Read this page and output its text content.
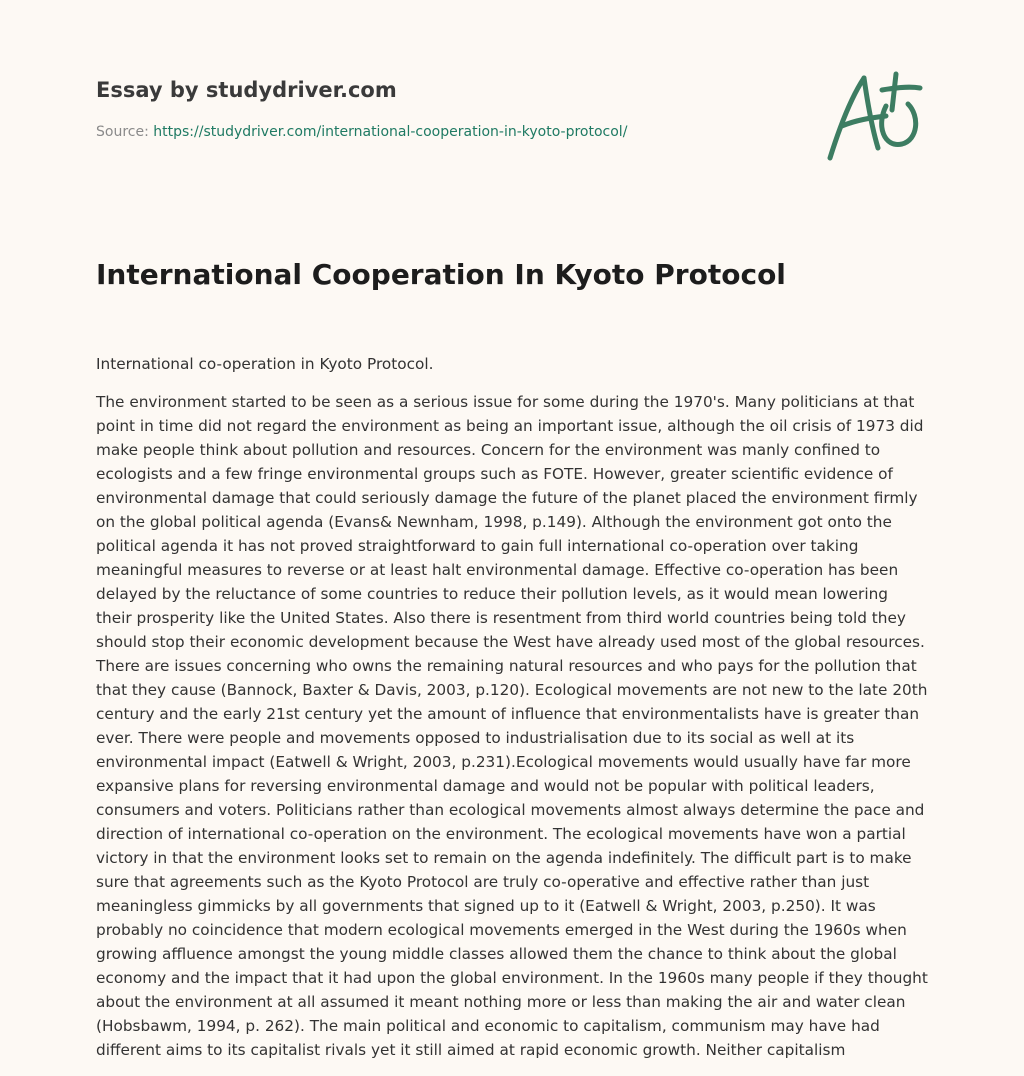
Essay by studydriver.com

Source: https://studydriver.com/international-cooperation-in-kyoto-protocol/
International Cooperation In Kyoto Protocol

International co-operation in Kyoto Protocol.

The environment started to be seen as a serious issue for some during the 1970's. Many politicians at that point in time did not regard the environment as being an important issue, although the oil crisis of 1973 did make people think about pollution and resources. Concern for the environment was manly confined to ecologists and a few fringe environmental groups such as FOTE. However, greater scientific evidence of environmental damage that could seriously damage the future of the planet placed the environment firmly on the global political agenda (Evans& Newnham, 1998, p.149). Although the environment got onto the political agenda it has not proved straightforward to gain full international co-operation over taking meaningful measures to reverse or at least halt environmental damage. Effective co-operation has been delayed by the reluctance of some countries to reduce their pollution levels, as it would mean lowering their prosperity like the United States. Also there is resentment from third world countries being told they should stop their economic development because the West have already used most of the global resources. There are issues concerning who owns the remaining natural resources and who pays for the pollution that that they cause (Bannock, Baxter & Davis, 2003, p.120). Ecological movements are not new to the late 20th century and the early 21st century yet the amount of influence that environmentalists have is greater than ever. There were people and movements opposed to industrialisation due to its social as well at its environmental impact (Eatwell & Wright, 2003, p.231).Ecological movements would usually have far more expansive plans for reversing environmental damage and would not be popular with political leaders, consumers and voters. Politicians rather than ecological movements almost always determine the pace and direction of international co-operation on the environment. The ecological movements have won a partial victory in that the environment looks set to remain on the agenda indefinitely. The difficult part is to make sure that agreements such as the Kyoto Protocol are truly co-operative and effective rather than just meaningless gimmicks by all governments that signed up to it (Eatwell & Wright, 2003, p.250). It was probably no coincidence that modern ecological movements emerged in the West during the 1960s when growing affluence amongst the young middle classes allowed them the chance to think about the global economy and the impact that it had upon the global environment. In the 1960s many people if they thought about the environment at all assumed it meant nothing more or less than making the air and water clean (Hobsbawm, 1994, p. 262). The main political and economic to capitalism, communism may have had different aims to its capitalist rivals yet it still aimed at rapid economic growth. Neither capitalism
